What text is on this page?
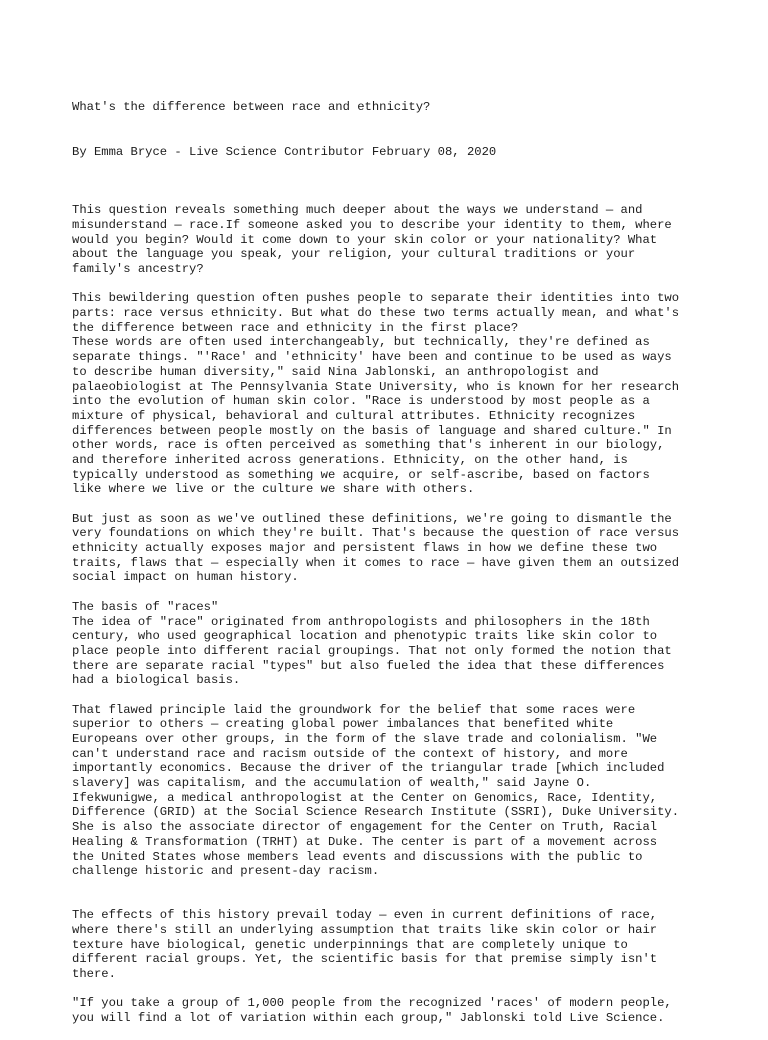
What's the difference between race and ethnicity?

By Emma Bryce - Live Science Contributor February 08, 2020

This question reveals something much deeper about the ways we understand — and
misunderstand — race.If someone asked you to describe your identity to them, where
would you begin? Would it come down to your skin color or your nationality? What
about the language you speak, your religion, your cultural traditions or your
family's ancestry?
This bewildering question often pushes people to separate their identities into two
parts: race versus ethnicity. But what do these two terms actually mean, and what's
the difference between race and ethnicity in the first place?
These words are often used interchangeably, but technically, they're defined as
separate things. "'Race' and 'ethnicity' have been and continue to be used as ways
to describe human diversity," said Nina Jablonski, an anthropologist and
palaeobiologist at The Pennsylvania State University, who is known for her research
into the evolution of human skin color. "Race is understood by most people as a
mixture of physical, behavioral and cultural attributes. Ethnicity recognizes
differences between people mostly on the basis of language and shared culture." In
other words, race is often perceived as something that's inherent in our biology,
and therefore inherited across generations. Ethnicity, on the other hand, is
typically understood as something we acquire, or self-ascribe, based on factors
like where we live or the culture we share with others.
But just as soon as we've outlined these definitions, we're going to dismantle the
very foundations on which they're built. That's because the question of race versus
ethnicity actually exposes major and persistent flaws in how we define these two
traits, flaws that — especially when it comes to race — have given them an outsized
social impact on human history.
The basis of "races"
The idea of "race" originated from anthropologists and philosophers in the 18th
century, who used geographical location and phenotypic traits like skin color to
place people into different racial groupings. That not only formed the notion that
there are separate racial "types" but also fueled the idea that these differences
had a biological basis.
That flawed principle laid the groundwork for the belief that some races were
superior to others — creating global power imbalances that benefited white
Europeans over other groups, in the form of the slave trade and colonialism. "We
can't understand race and racism outside of the context of history, and more
importantly economics. Because the driver of the triangular trade [which included
slavery] was capitalism, and the accumulation of wealth," said Jayne O.
Ifekwunigwe, a medical anthropologist at the Center on Genomics, Race, Identity,
Difference (GRID) at the Social Science Research Institute (SSRI), Duke University.
She is also the associate director of engagement for the Center on Truth, Racial
Healing & Transformation (TRHT) at Duke. The center is part of a movement across
the United States whose members lead events and discussions with the public to
challenge historic and present-day racism.
The effects of this history prevail today — even in current definitions of race,
where there's still an underlying assumption that traits like skin color or hair
texture have biological, genetic underpinnings that are completely unique to
different racial groups. Yet, the scientific basis for that premise simply isn't
there.
"If you take a group of 1,000 people from the recognized 'races' of modern people,
you will find a lot of variation within each group," Jablonski told Live Science.
